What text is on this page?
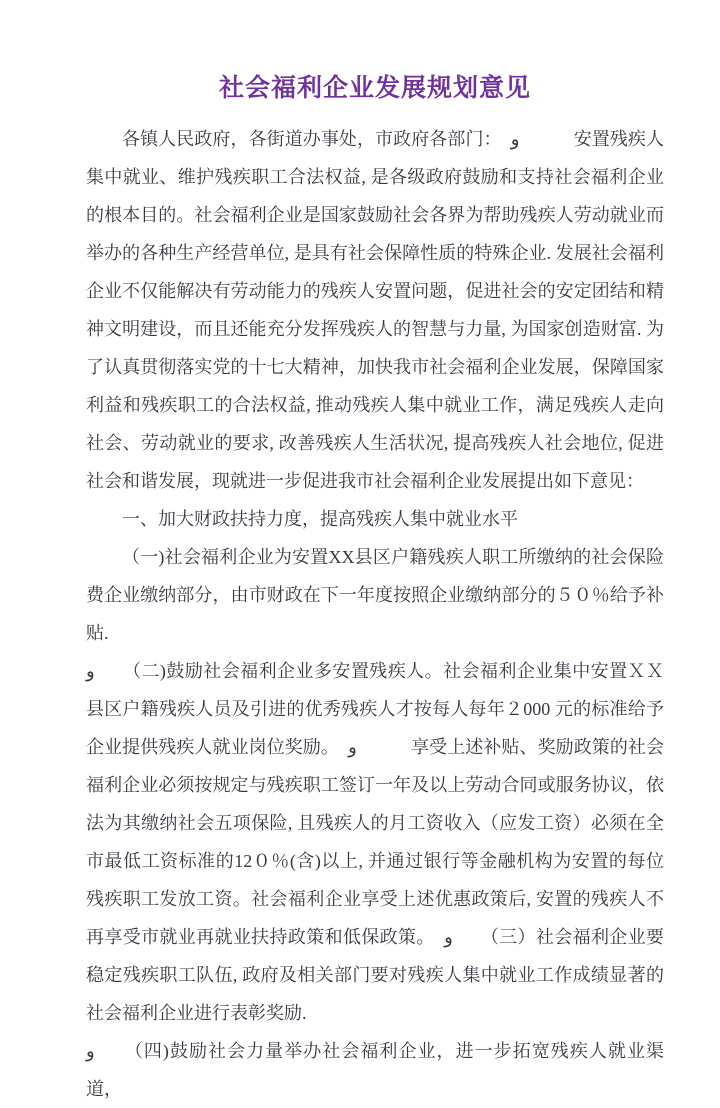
社会福利企业发展规划意见

各镇人民政府，各街道办事处，市政府各部门：　و　　　安置残疾人集中就业、维护残疾职工合法权益, 是各级政府鼓励和支持社会福利企业的根本目的。社会福利企业是国家鼓励社会各界为帮助残疾人劳动就业而举办的各种生产经营单位, 是具有社会保障性质的特殊企业. 发展社会福利企业不仅能解决有劳动能力的残疾人安置问题，促进社会的安定团结和精神文明建设，而且还能充分发挥残疾人的智慧与力量, 为国家创造财富. 为了认真贯彻落实党的十七大精神，加快我市社会福利企业发展，保障国家利益和残疾职工的合法权益, 推动残疾人集中就业工作，满足残疾人走向社会、劳动就业的要求, 改善残疾人生活状况, 提高残疾人社会地位, 促进社会和谐发展，现就进一步促进我市社会福利企业发展提出如下意见：

一、加大财政扶持力度，提高残疾人集中就业水平

（一)社会福利企业为安置XX县区户籍残疾人职工所缴纳的社会保险费企业缴纳部分，由市财政在下一年度按照企业缴纳部分的５０％给予补贴.

و　　（二)鼓励社会福利企业多安置残疾人。社会福利企业集中安置ＸＸ县区户籍残疾人员及引进的优秀残疾人才按每人每年２000 元的标准给予企业提供残疾人就业岗位奖励。　و　　　享受上述补贴、奖励政策的社会福利企业必须按规定与残疾职工签订一年及以上劳动合同或服务协议，依法为其缴纳社会五项保险, 且残疾人的月工资收入（应发工资）必须在全市最低工资标准的12０％(含)以上, 并通过银行等金融机构为安置的每位残疾职工发放工资。社会福利企业享受上述优惠政策后, 安置的残疾人不再享受市就业再就业扶持政策和低保政策。　و　　（三）社会福利企业要稳定残疾职工队伍, 政府及相关部门要对残疾人集中就业工作成绩显著的社会福利企业进行表彰奖励.

و　　（四)鼓励社会力量举办社会福利企业，进一步拓宽残疾人就业渠道，
